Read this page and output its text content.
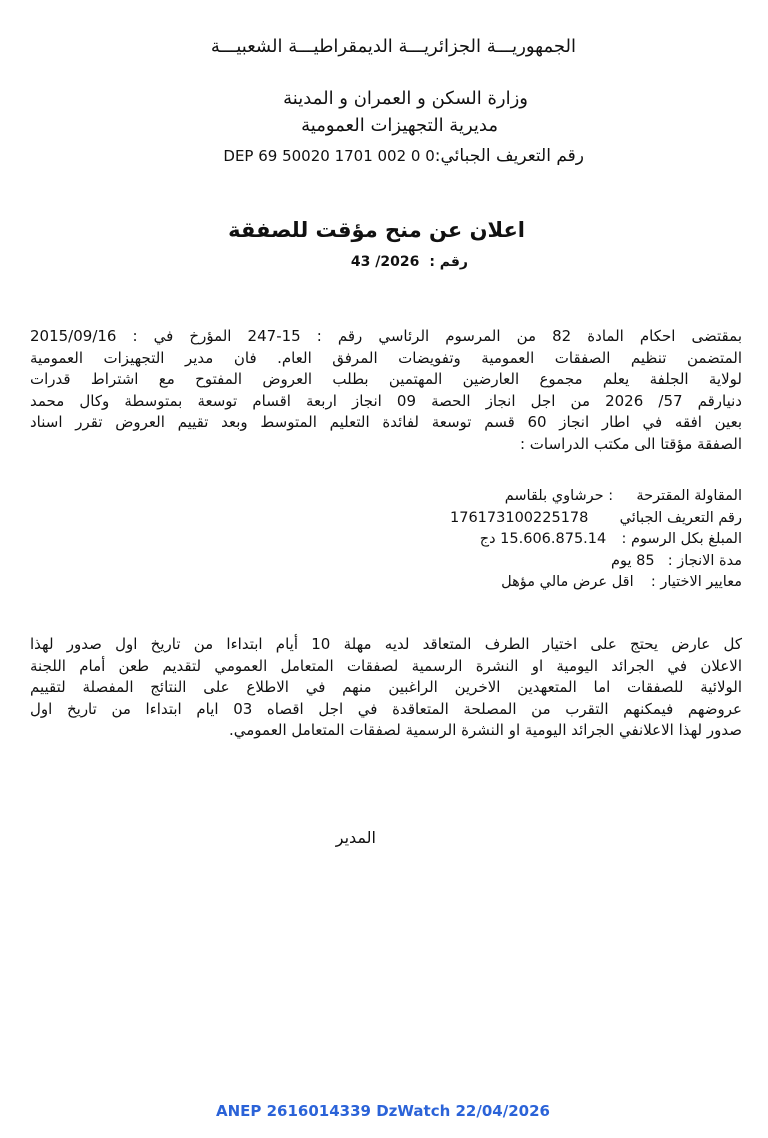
الجمهوريـــة الجزائريـــة الديمقراطيـــة الشعبيـــة
وزارة السكن و العمران و المدينة
مديرية التجهيزات العمومية
رقم التعريف الجبائي:DEP 69 50020 1701 002 0 0
اعلان عن منح مؤقت للصفقة
رقم :43 /2026
بمقتضى احكام المادة 82 من المرسوم الرئاسي رقم : 15-247 المؤرخ في : 2015/09/16
المتضمن تنظيم الصفقات العمومية وتفويضات المرفق العام. فان مدير التجهيزات العمومية
لولاية الجلفة يعلم مجموع العارضين المهتمين بطلب العروض المفتوح مع اشتراط قدرات
دنيارقم 57/ 2026 من اجل انجاز الحصة 09 انجاز اربعة اقسام توسعة بمتوسطة وكال محمد
بعين افقه في اطار انجاز 60 قسم توسعة لفائدة التعليم المتوسط وبعد تقييم العروض تقرر اسناد
الصفقة مؤقتا الى مكتب الدراسات :
المقاولة المقترحة  : حرشاوي بلقاسم
رقم التعريف الجبائي  176173100225178
المبلغ بكل الرسوم :  15.606.875.14 دج
مدة الانجاز :  85 يوم
معايير الاختيار :  اقل عرض مالي مؤهل
كل عارض يحتج على اختيار الطرف المتعاقد لديه مهلة 10 أيام ابتداءا من تاريخ اول صدور لهذا
الاعلان في الجرائد اليومية او النشرة الرسمية لصفقات المتعامل العمومي لتقديم طعن أمام اللجنة
الولائية للصفقات اما المتعهدين الاخرين الراغبين منهم في الاطلاع على النتائج المفصلة لتقييم
عروضهم فيمكنهم التقرب من المصلحة المتعاقدة في اجل اقصاه 03 ايام ابتداءا من تاريخ اول
صدور لهذا الاعلانفي الجرائد اليومية او النشرة الرسمية لصفقات المتعامل العمومي.
المدير
ANEP 2616014339 DzWatch 22/04/2026
